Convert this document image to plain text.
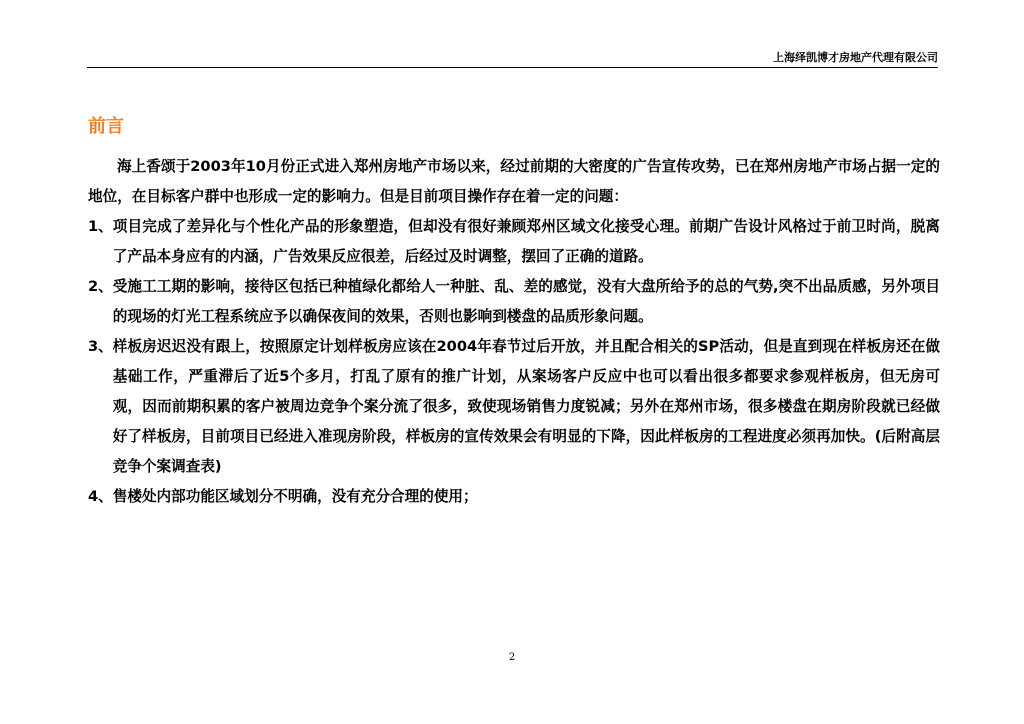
上海绎凯博才房地产代理有限公司
前言

海上香颂于2003年10月份正式进入郑州房地产市场以来，经过前期的大密度的广告宣传攻势，已在郑州房地产市场占据一定的地位，在目标客户群中也形成一定的影响力。但是目前项目操作存在着一定的问题：

1、 项目完成了差异化与个性化产品的形象塑造，但却没有很好兼顾郑州区域文化接受心理。前期广告设计风格过于前卫时尚，脱离了产品本身应有的内涵，广告效果反应很差，后经过及时调整，摆回了正确的道路。
2、 受施工工期的影响，接待区包括已种植绿化都给人一种脏、乱、差的感觉，没有大盘所给予的总的气势,突不出品质感，另外项目的现场的灯光工程系统应予以确保夜间的效果，否则也影响到楼盘的品质形象问题。
3、 样板房迟迟没有跟上，按照原定计划样板房应该在2004年春节过后开放，并且配合相关的SP活动，但是直到现在样板房还在做基础工作，严重滞后了近5个多月，打乱了原有的推广计划，从案场客户反应中也可以看出很多都要求参观样板房，但无房可观，因而前期积累的客户被周边竞争个案分流了很多，致使现场销售力度锐减；另外在郑州市场，很多楼盘在期房阶段就已经做好了样板房，目前项目已经进入准现房阶段，样板房的宣传效果会有明显的下降，因此样板房的工程进度必须再加快。(后附高层竞争个案调查表)
4、 售楼处内部功能区域划分不明确，没有充分合理的使用；
2
